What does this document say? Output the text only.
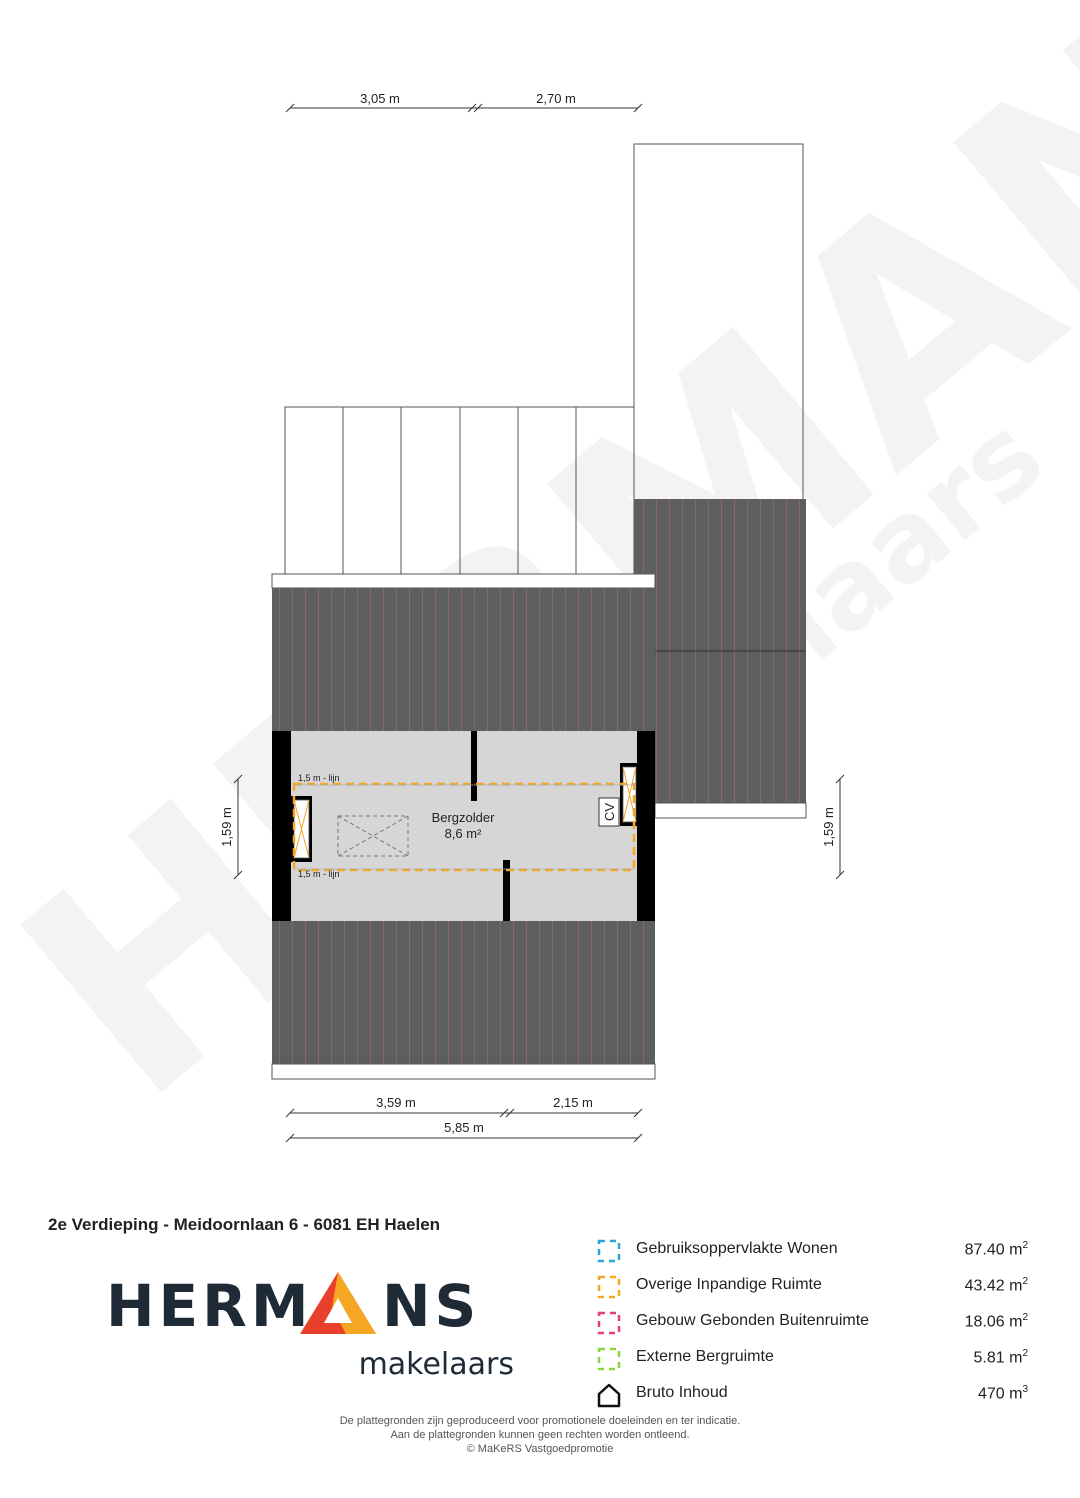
3,05 m	2,70 m
CV
1,5 m - lijn
1,5 m - lijn
Bergzolder
8,6 m²
1,59 m	1,59 m
3,59 m	2,15 m
5,85 m
2e Verdieping - Meidoornlaan 6 - 6081 EH Haelen
HERM NS
makelaars
Gebruiksoppervlakte Wonen	87.40 $m^2$
Overige Inpandige Ruimte	43.42 $m^2$
Gebouw Gebonden Buitenruimte	18.06 $m^2$
Externe Bergruimte	5.81 $m^2$
Bruto Inhoud	470 $m^3$
De plattegronden zijn geproduceerd voor promotionele doeleinden en ter indicatie.
Aan de plattegronden kunnen geen rechten worden ontleend.
© MaKeRS Vastgoedpromotie
